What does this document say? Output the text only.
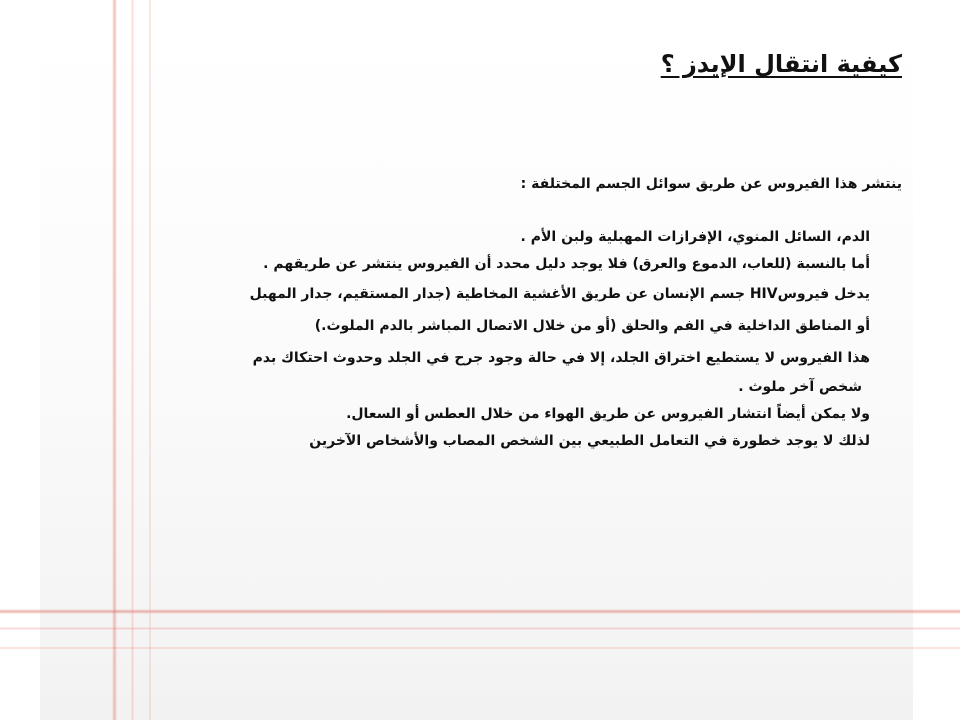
كيفية انتقال الإيدز ؟
ينتشر هذا الفيروس عن طريق سوائل الجسم المختلفة :
الدم، السائل المنوي، الإفرازات المهبلية ولبن الأم .
أما بالنسبة (للعاب، الدموع والعرق) فلا يوجد دليل محدد أن الفيروس ينتشر عن طريقهم .
يدخل فيروسHIV جسم الإنسان عن طريق الأغشية المخاطية (جدار المستقيم، جدار المهبل
أو المناطق الداخلية في الفم والحلق (أو من خلال الاتصال المباشر بالدم الملوث.)
هذا الفيروس لا يستطيع اختراق الجلد، إلا في حالة وجود جرح في الجلد وحدوث احتكاك بدم
شخص آخر ملوث .
ولا يمكن أيضاً انتشار الفيروس عن طريق الهواء من خلال العطس أو السعال.
لذلك لا يوجد خطورة في التعامل الطبيعي بين الشخص المصاب والأشخاص الآخرين
